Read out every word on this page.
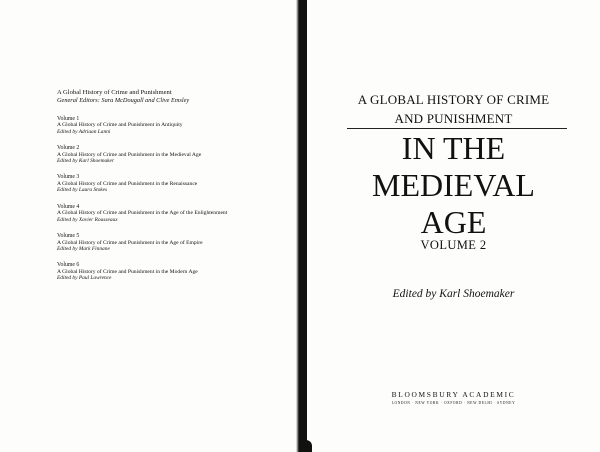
A Global History of Crime and Punishment

General Editors: Sara McDougall and Clive Emsley

Volume 1

A Global History of Crime and Punishment in Antiquity

Edited by Adriaan Lanni

Volume 2

A Global History of Crime and Punishment in the Medieval Age

Edited by Karl Shoemaker

Volume 3

A Global History of Crime and Punishment in the Renaissance

Edited by Laura Stokes

Volume 4

A Global History of Crime and Punishment in the Age of the Enlightenment

Edited by Xavier Rousseaux

Volume 5

A Global History of Crime and Punishment in the Age of Empire

Edited by Mark Finnane

Volume 6

A Global History of Crime and Punishment in the Modern Age

Edited by Paul Lawrence

A GLOBAL HISTORY OF CRIME

AND PUNISHMENT

IN THE

MEDIEVAL

AGE

VOLUME 2

Edited by Karl Shoemaker

BLOOMSBURY ACADEMIC

LONDON · NEW YORK · OXFORD · NEW DELHI · SYDNEY
